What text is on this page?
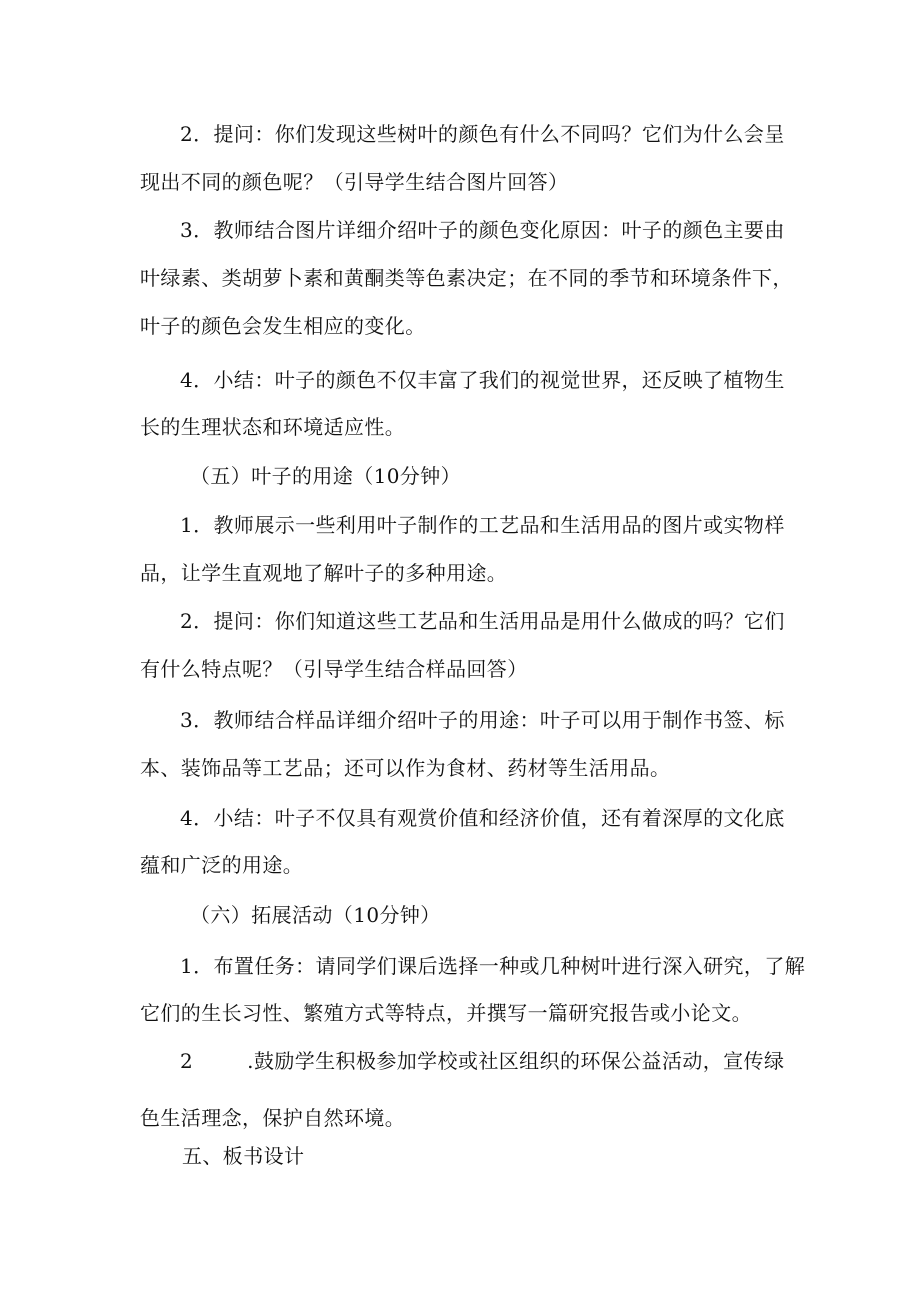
2．提问：你们发现这些树叶的颜色有什么不同吗？它们为什么会呈
现出不同的颜色呢？（引导学生结合图片回答）
3．教师结合图片详细介绍叶子的颜色变化原因：叶子的颜色主要由
叶绿素、类胡萝卜素和黄酮类等色素决定；在不同的季节和环境条件下，
叶子的颜色会发生相应的变化。
4．小结：叶子的颜色不仅丰富了我们的视觉世界，还反映了植物生
长的生理状态和环境适应性。
（五）叶子的用途（10分钟）
1．教师展示一些利用叶子制作的工艺品和生活用品的图片或实物样
品，让学生直观地了解叶子的多种用途。
2．提问：你们知道这些工艺品和生活用品是用什么做成的吗？它们
有什么特点呢？（引导学生结合样品回答）
3．教师结合样品详细介绍叶子的用途：叶子可以用于制作书签、标
本、装饰品等工艺品；还可以作为食材、药材等生活用品。
4．小结：叶子不仅具有观赏价值和经济价值，还有着深厚的文化底
蕴和广泛的用途。
（六）拓展活动（10分钟）
1．布置任务：请同学们课后选择一种或几种树叶进行深入研究，了解
它们的生长习性、繁殖方式等特点，并撰写一篇研究报告或小论文。
2        .鼓励学生积极参加学校或社区组织的环保公益活动，宣传绿
色生活理念，保护自然环境。
五、板书设计
